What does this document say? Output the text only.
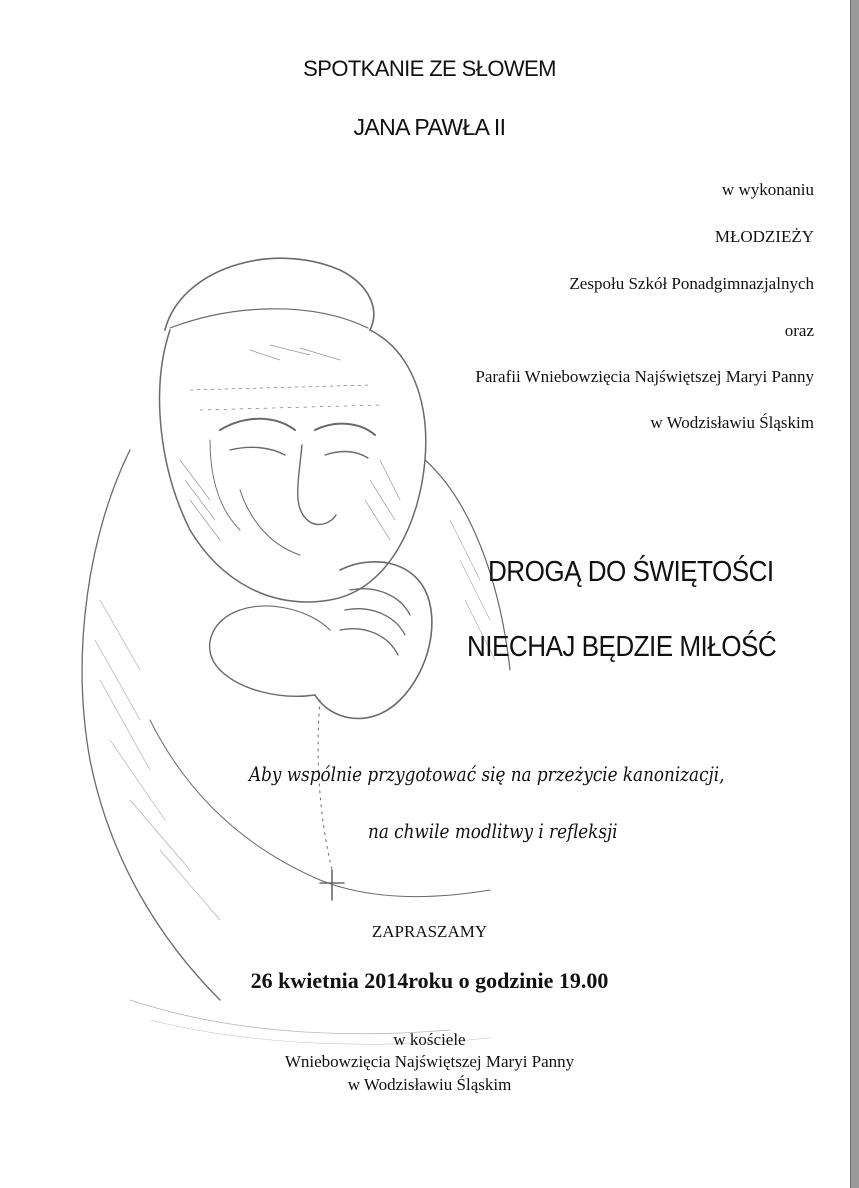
SPOTKANIE ZE SŁOWEM

JANA PAWŁA II

w wykonaniu

MŁODZIEŻY

Zespołu Szkół Ponadgimnazjalnych

oraz

Parafii Wniebowzięcia Najświętszej Maryi Panny

w Wodzisławiu Śląskim

DROGĄ DO ŚWIĘTOŚCI

NIECHAJ BĘDZIE MIŁOŚĆ

Aby wspólnie przygotować się na przeżycie kanonizacji,

na chwile modlitwy i refleksji

ZAPRASZAMY

26 kwietnia 2014roku o godzinie 19.00

w kościele

Wniebowzięcia Najświętszej Maryi Panny

w Wodzisławiu Śląskim
